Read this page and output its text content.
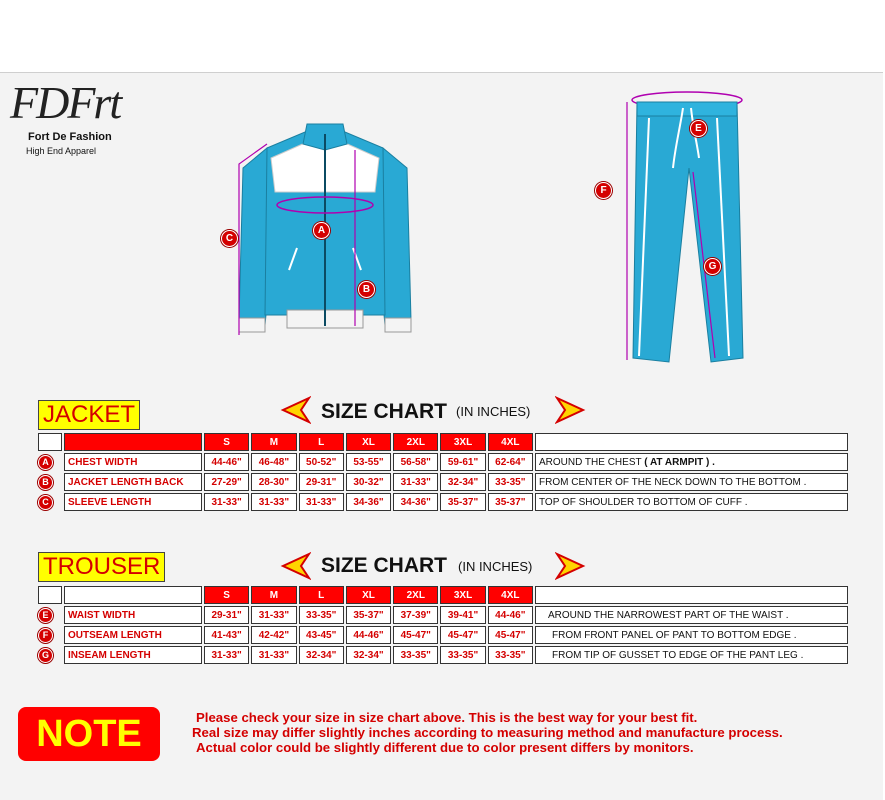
FDFrt
Fort De Fashion
High End Apparel
A
B
C
E
F
G
JACKET	SIZE CHART (IN INCHES)
		S	M	L	XL	2XL	3XL	4XL	
A	CHEST WIDTH	44-46"	46-48"	50-52"	53-55"	56-58"	59-61"	62-64"	AROUND THE CHEST ( AT ARMPIT ) .
B	JACKET LENGTH BACK	27-29"	28-30"	29-31"	30-32"	31-33"	32-34"	33-35"	FROM CENTER OF THE NECK DOWN TO THE BOTTOM .
C	SLEEVE LENGTH	31-33"	31-33"	31-33"	34-36"	34-36"	35-37"	35-37"	TOP OF SHOULDER TO BOTTOM OF CUFF .
TROUSER	SIZE CHART (IN INCHES)
		S	M	L	XL	2XL	3XL	4XL	
E	WAIST WIDTH	29-31"	31-33"	33-35"	35-37"	37-39"	39-41"	44-46"	AROUND THE NARROWEST PART OF THE WAIST .
F	OUTSEAM LENGTH	41-43"	42-42"	43-45"	44-46"	45-47"	45-47"	45-47"	FROM FRONT PANEL OF PANT TO BOTTOM EDGE .
G	INSEAM LENGTH	31-33"	31-33"	32-34"	32-34"	33-35"	33-35"	33-35"	FROM TIP OF GUSSET TO EDGE OF THE PANT LEG .
NOTE	Please check your size in size chart above. This is the best way for your best fit.
Real size may differ slightly inches according to measuring method and manufacture process.
Actual color could be slightly different due to color present differs by monitors.
